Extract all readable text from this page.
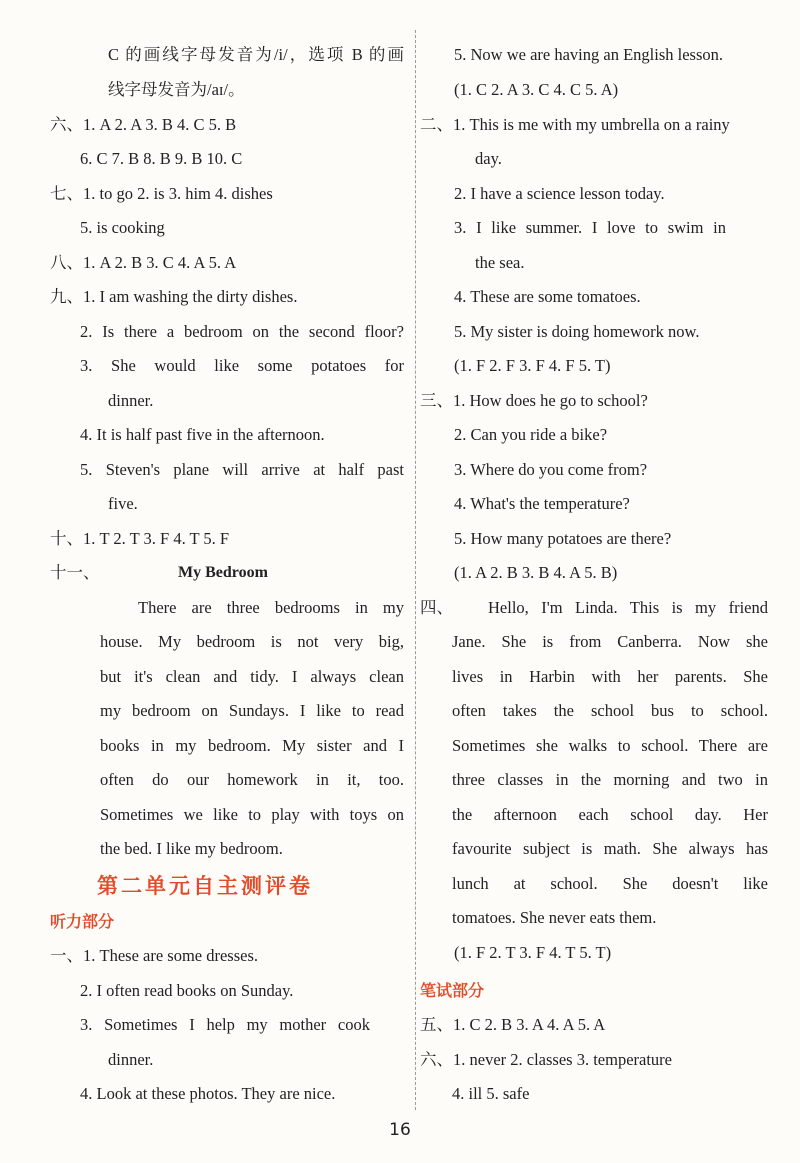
C 的画线字母发音为/i/，选项 B 的画
线字母发音为/aɪ/。
六、1. A 2. A 3. B 4. C 5. B
6. C 7. B 8. B 9. B 10. C
七、1. to go 2. is 3. him 4. dishes
5. is cooking
八、1. A 2. B 3. C 4. A 5. A
九、1. I am washing the dirty dishes.
2. Is there a bedroom on the second floor?
3. She would like some potatoes for
dinner.
4. It is half past five in the afternoon.
5. Steven's plane will arrive at half past
five.
十、1. T 2. T 3. F 4. T 5. F
十一、	My Bedroom
There are three bedrooms in my
house. My bedroom is not very big,
but it's clean and tidy. I always clean
my bedroom on Sundays. I like to read
books in my bedroom. My sister and I
often do our homework in it, too.
Sometimes we like to play with toys on
the bed. I like my bedroom.
第二单元自主测评卷
听力部分
一、1. These are some dresses.
2. I often read books on Sunday.
3. Sometimes I help my mother cook
dinner.
4. Look at these photos. They are nice.
5. Now we are having an English lesson.
(1. C 2. A 3. C 4. C 5. A)
二、1. This is me with my umbrella on a rainy
day.
2. I have a science lesson today.
3. I like summer. I love to swim in
the sea.
4. These are some tomatoes.
5. My sister is doing homework now.
(1. F 2. F 3. F 4. F 5. T)
三、1. How does he go to school?
2. Can you ride a bike?
3. Where do you come from?
4. What's the temperature?
5. How many potatoes are there?
(1. A 2. B 3. B 4. A 5. B)
四、 Hello, I'm Linda. This is my friend
Jane. She is from Canberra. Now she
lives in Harbin with her parents. She
often takes the school bus to school.
Sometimes she walks to school. There are
three classes in the morning and two in
the afternoon each school day. Her
favourite subject is math. She always has
lunch at school. She doesn't like
tomatoes. She never eats them.
(1. F 2. T 3. F 4. T 5. T)
笔试部分
五、1. C 2. B 3. A 4. A 5. A
六、1. never 2. classes 3. temperature
4. ill 5. safe
16
